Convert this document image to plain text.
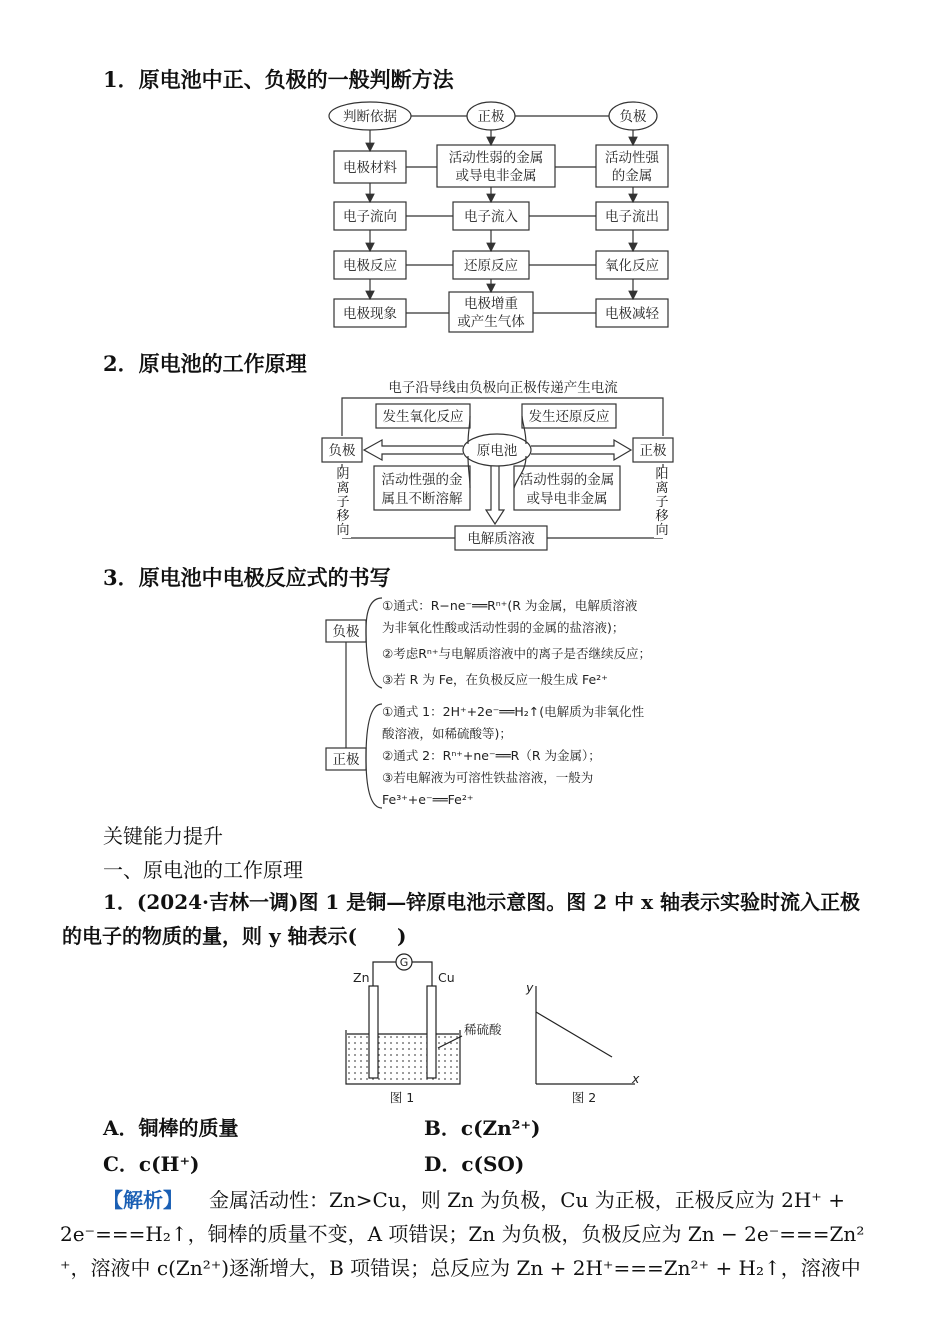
1．原电池中正、负极的一般判断方法
判断依据	正极	负极
电极材料
电子流向
电极反应
电极现象
活动性弱的金属
或导电非金属
电子流入
还原反应
电极增重
或产生气体
活动性强
的金属
电子流出
氧化反应
电极减轻
2．原电池的工作原理
电子沿导线由负极向正极传递产生电流
负极	正极
发生氧化反应	发生还原反应
原电池
活动性强的金
属且不断溶解
活动性弱的金属
或导电非金属
电解质溶液
阴离子移向
阳离子移向
3．原电池中电极反应式的书写
负极
正极
①通式：R−ne⁻══Rⁿ⁺(R 为金属，电解质溶液
为非氧化性酸或活动性弱的金属的盐溶液)；
②考虑Rⁿ⁺与电解质溶液中的离子是否继续反应；
③若 R 为 Fe，在负极反应一般生成 Fe²⁺
①通式 1：2H⁺+2e⁻══H₂↑(电解质为非氧化性
酸溶液，如稀硫酸等)；
②通式 2：Rⁿ⁺+ne⁻══R（R 为金属）；
③若电解液为可溶性铁盐溶液，一般为
Fe³⁺+e⁻══Fe²⁺
关键能力提升
一、原电池的工作原理
1．(2024·吉林一调)图 1 是铜—锌原电池示意图。图 2 中 x 轴表示实验时流入正极
的电子的物质的量，则 y 轴表示(　　)
Zn	Cu
G
稀硫酸
图 1	图 2
y
x
A．铜棒的质量	B．c(Zn²⁺)
C．c(H⁺)	D．c(SO)
【解析】 金属活动性：Zn>Cu，则 Zn 为负极，Cu 为正极，正极反应为 2H⁺ +
2e⁻===H₂↑，铜棒的质量不变，A 项错误；Zn 为负极，负极反应为 Zn − 2e⁻===Zn²
⁺，溶液中 c(Zn²⁺)逐渐增大，B 项错误；总反应为 Zn + 2H⁺===Zn²⁺ + H₂↑，溶液中
